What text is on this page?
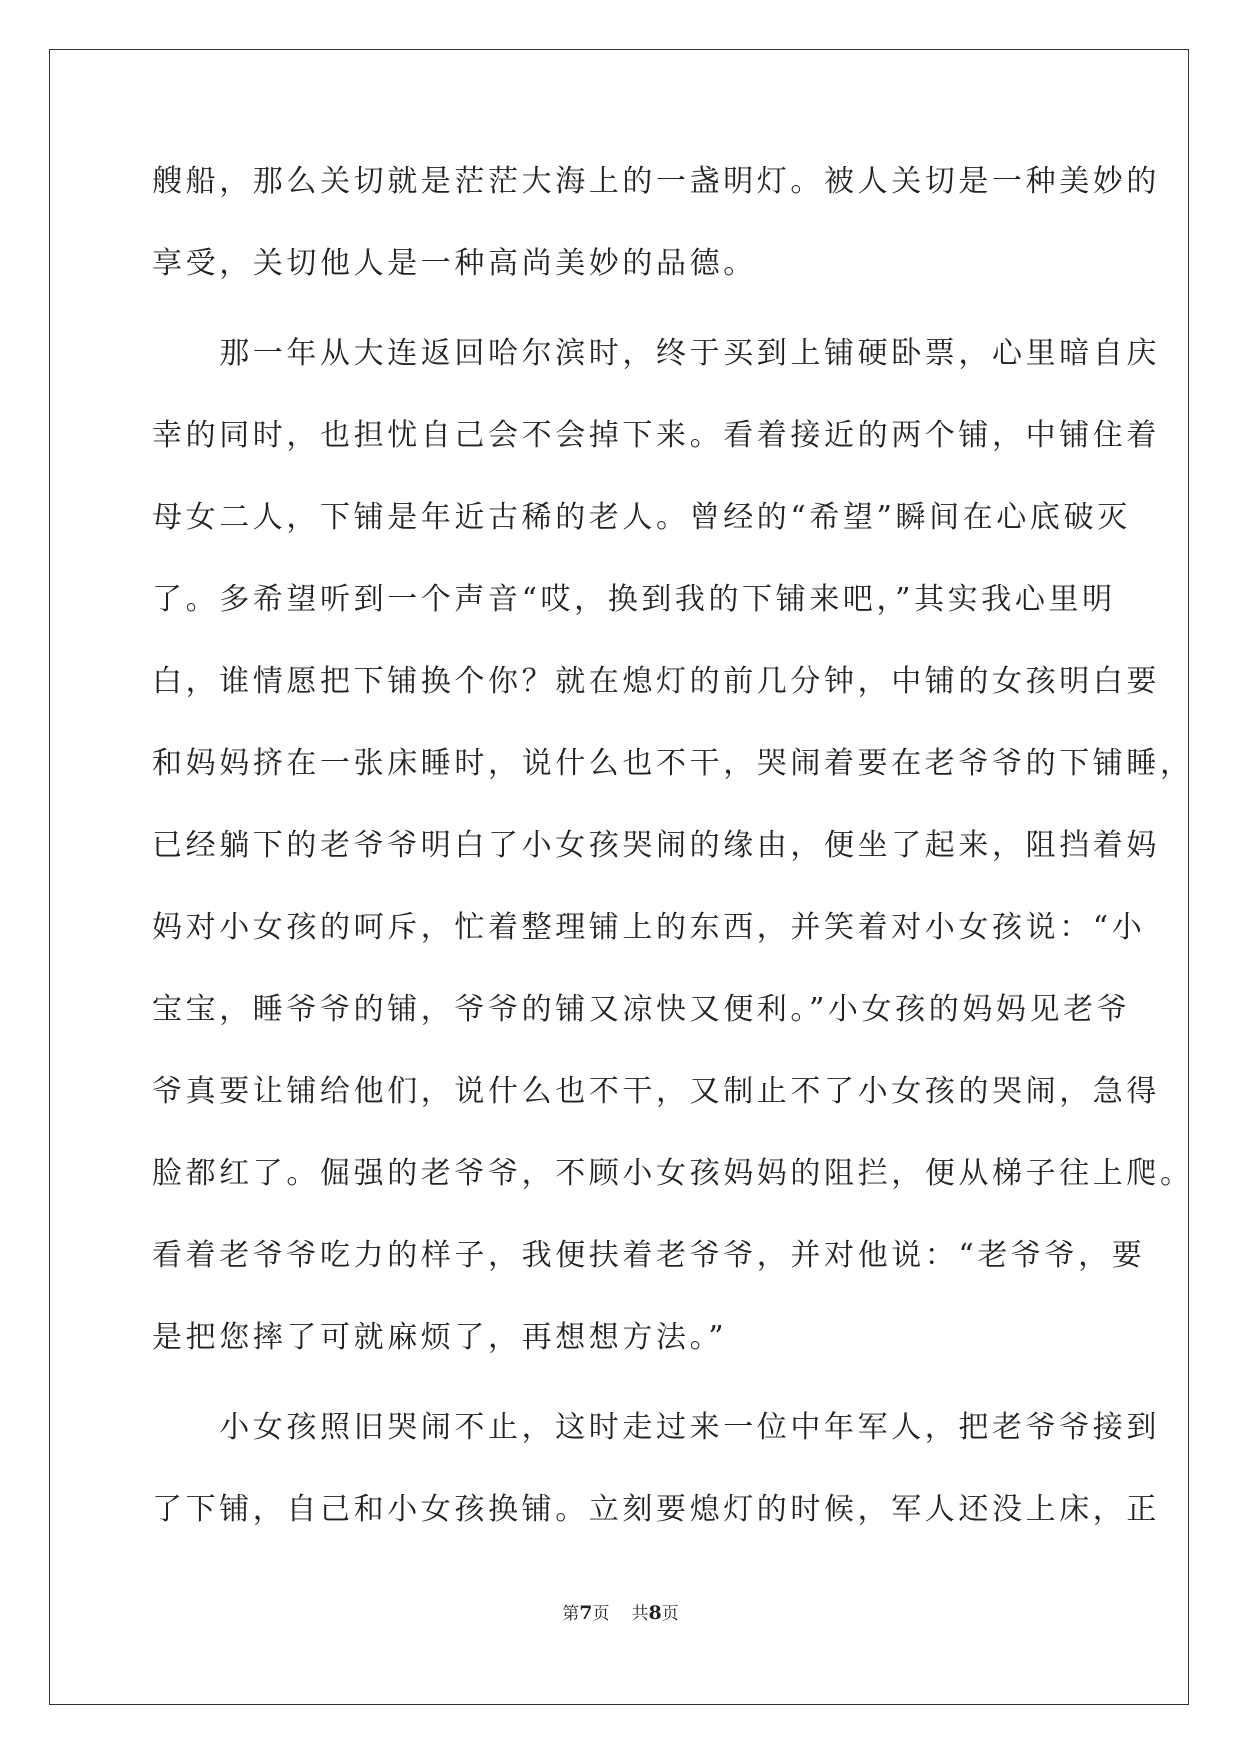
艘船，那么关切就是茫茫大海上的一盏明灯。被人关切是一种美妙的
享受，关切他人是一种高尚美妙的品德。
　　那一年从大连返回哈尔滨时，终于买到上铺硬卧票，心里暗自庆
幸的同时，也担忧自己会不会掉下来。看着接近的两个铺，中铺住着
母女二人，下铺是年近古稀的老人。曾经的“希望”瞬间在心底破灭
了。多希望听到一个声音“哎，换到我的下铺来吧，”其实我心里明
白，谁情愿把下铺换个你？就在熄灯的前几分钟，中铺的女孩明白要
和妈妈挤在一张床睡时，说什么也不干，哭闹着要在老爷爷的下铺睡，
已经躺下的老爷爷明白了小女孩哭闹的缘由，便坐了起来，阻挡着妈
妈对小女孩的呵斥，忙着整理铺上的东西，并笑着对小女孩说：“小
宝宝，睡爷爷的铺，爷爷的铺又凉快又便利。”小女孩的妈妈见老爷
爷真要让铺给他们，说什么也不干，又制止不了小女孩的哭闹，急得
脸都红了。倔强的老爷爷，不顾小女孩妈妈的阻拦，便从梯子往上爬。
看着老爷爷吃力的样子，我便扶着老爷爷，并对他说：“老爷爷，要
是把您摔了可就麻烦了，再想想方法。”
　　小女孩照旧哭闹不止，这时走过来一位中年军人，把老爷爷接到
了下铺，自己和小女孩换铺。立刻要熄灯的时候，军人还没上床，正
第7页 共8页
